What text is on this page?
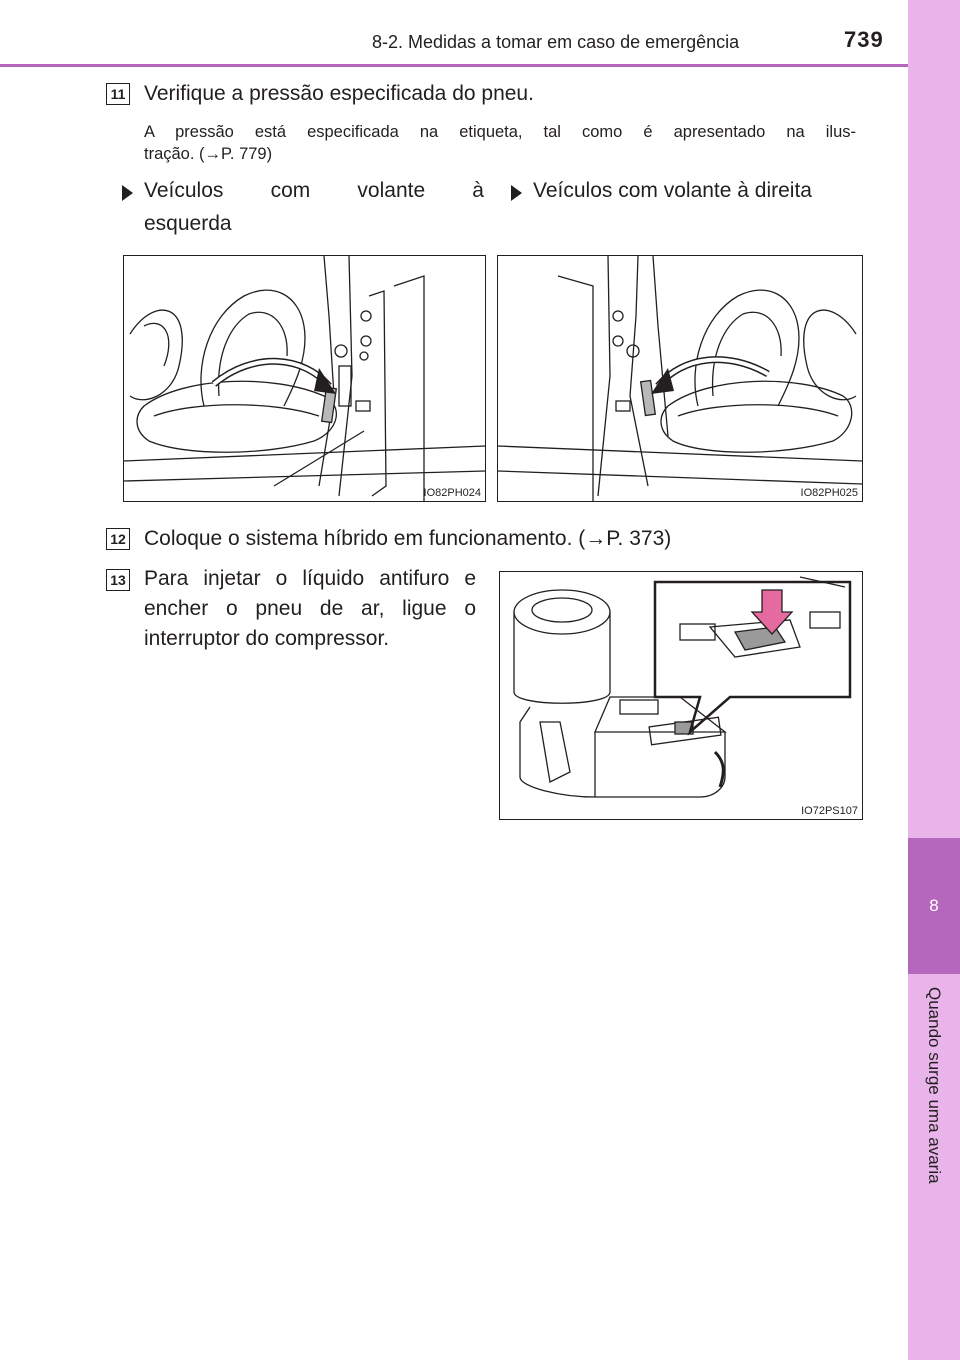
8
Quando surge uma avaria
8-2. Medidas a tomar em caso de emergência	739
11 Verifique a pressão especificada do pneu.
A pressão está especificada na etiqueta, tal como é apresentado na ilus-
tração. (→P. 779)
Veículos com volante à
esquerda
Veículos com volante à direita
IO82PH024	IO82PH025
12 Coloque o sistema híbrido em funcionamento. (→P. 373)
13 Para injetar o líquido antifuro e
encher o pneu de ar, ligue o
interruptor do compressor.
IO72PS107
